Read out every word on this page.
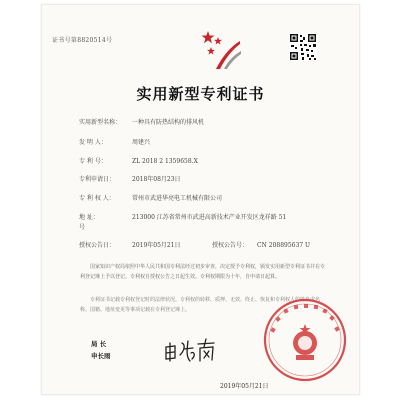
证书号第8820514号
实用新型专利证书
实用新型名称：	一种具有防热结构的排风机
发 明 人：	周建兴
专 利 号：	ZL 2018 2 1359658.X
专利申请日：	2018年08月23日
专 利 权 人：	常州市武进华亮电工机械有限公司
地 址：	213000 江苏省常州市武进高新技术产业开发区龙祥路 51
号
授权公告日：	2019年05月21日	授权公告号： CN 208895637 U
国家知识产权局依照中华人民共和国专利法经过初步审查，决定授予专利权，颁发实用新型专利证书并在专利登记簿上予以登记。专利权自授权公告之日起生效。专利权期限为十年，自申请日起算。
专利证书记载专利权登记时的法律状况。专利权的转移、质押、无效、终止、恢复和专利权人的姓名或名称、国籍、地址变更等事项记载在专利登记簿上。
局 长
申长雨
2019年05月21日
